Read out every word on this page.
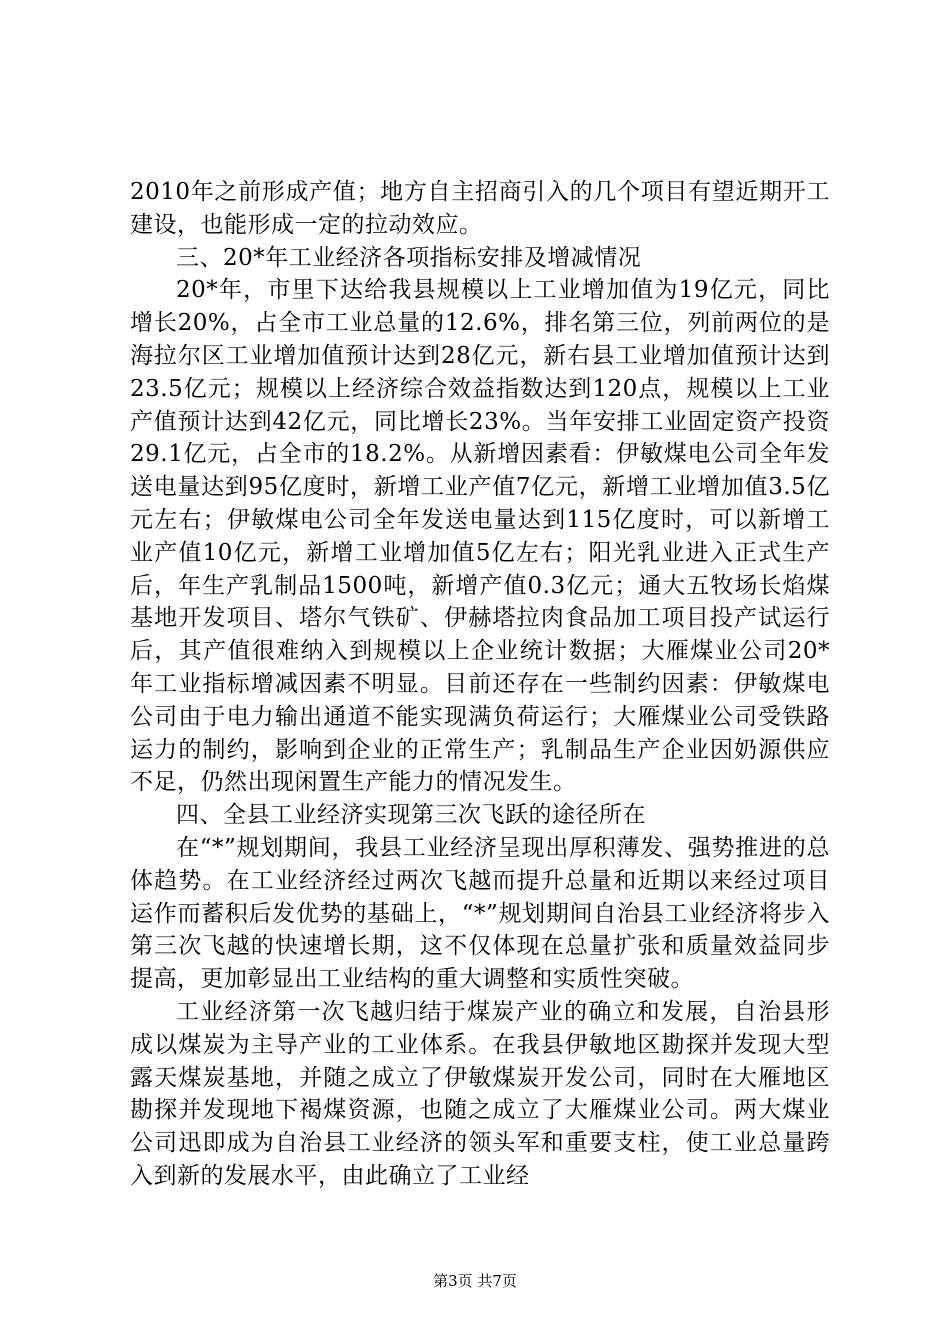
2010年之前形成产值；地方自主招商引入的几个项目有望近期开工建设，也能形成一定的拉动效应。

三、20*年工业经济各项指标安排及增减情况

20*年，市里下达给我县规模以上工业增加值为19亿元，同比增长20%，占全市工业总量的12.6%，排名第三位，列前两位的是海拉尔区工业增加值预计达到28亿元，新右县工业增加值预计达到23.5亿元；规模以上经济综合效益指数达到120点，规模以上工业产值预计达到42亿元，同比增长23%。当年安排工业固定资产投资29.1亿元，占全市的18.2%。从新增因素看：伊敏煤电公司全年发送电量达到95亿度时，新增工业产值7亿元，新增工业增加值3.5亿元左右；伊敏煤电公司全年发送电量达到115亿度时，可以新增工业产值10亿元，新增工业增加值5亿左右；阳光乳业进入正式生产后，年生产乳制品1500吨，新增产值0.3亿元；通大五牧场长焰煤基地开发项目、塔尔气铁矿、伊赫塔拉肉食品加工项目投产试运行后，其产值很难纳入到规模以上企业统计数据；大雁煤业公司20*年工业指标增减因素不明显。目前还存在一些制约因素：伊敏煤电公司由于电力输出通道不能实现满负荷运行；大雁煤业公司受铁路运力的制约，影响到企业的正常生产；乳制品生产企业因奶源供应不足，仍然出现闲置生产能力的情况发生。

四、全县工业经济实现第三次飞跃的途径所在

在“*”规划期间，我县工业经济呈现出厚积薄发、强势推进的总体趋势。在工业经济经过两次飞越而提升总量和近期以来经过项目运作而蓄积后发优势的基础上，“*”规划期间自治县工业经济将步入第三次飞越的快速增长期，这不仅体现在总量扩张和质量效益同步提高，更加彰显出工业结构的重大调整和实质性突破。

工业经济第一次飞越归结于煤炭产业的确立和发展，自治县形成以煤炭为主导产业的工业体系。在我县伊敏地区勘探并发现大型露天煤炭基地，并随之成立了伊敏煤炭开发公司，同时在大雁地区勘探并发现地下褐煤资源，也随之成立了大雁煤业公司。两大煤业公司迅即成为自治县工业经济的领头军和重要支柱，使工业总量跨入到新的发展水平，由此确立了工业经

第3页 共7页
